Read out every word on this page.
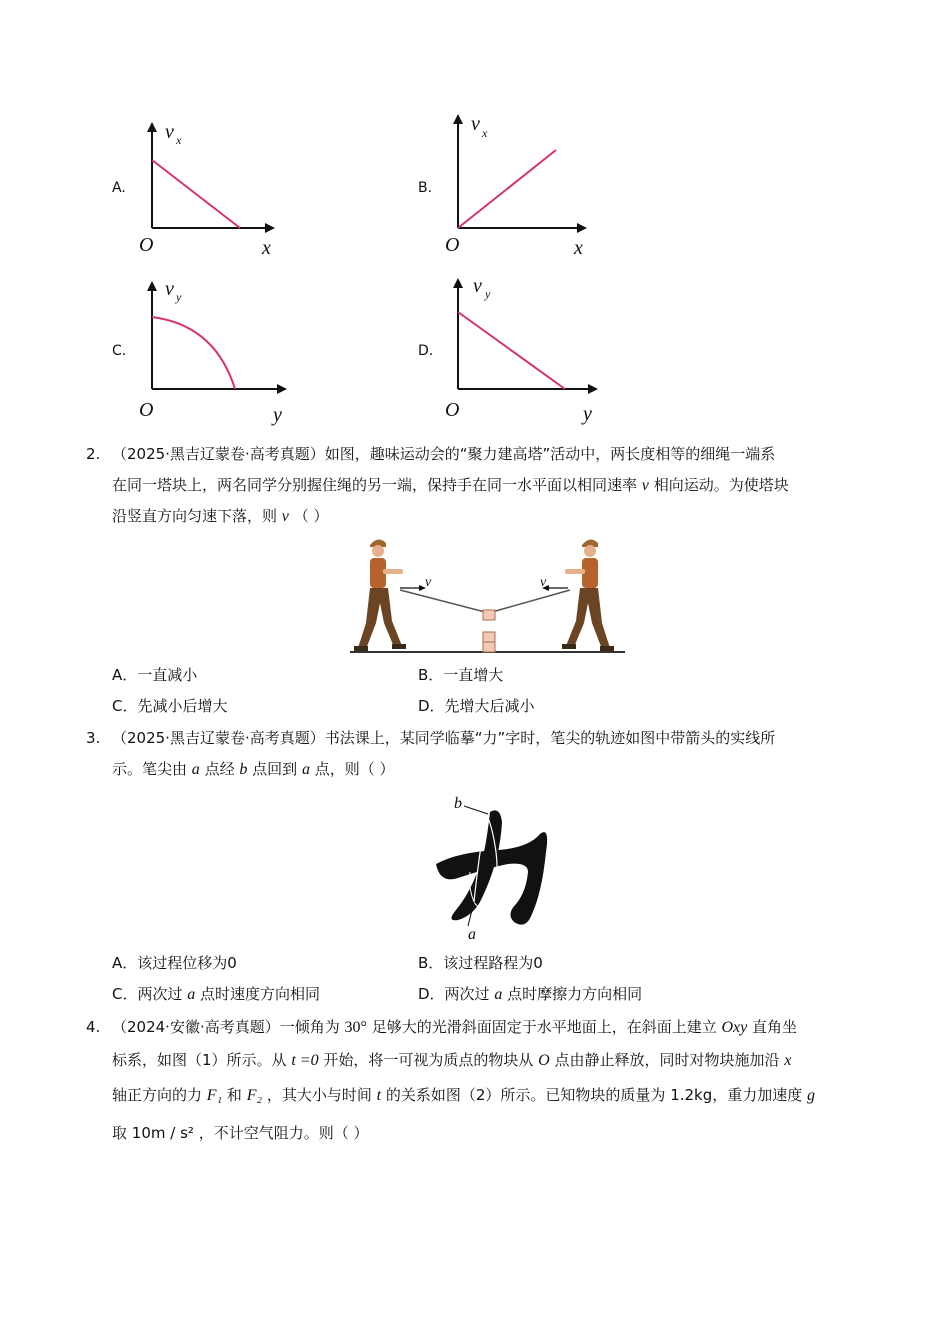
A.
v x
O	x
B.
v x
O	x
C.
v y
O	y
D.
v y
O	y
2. （2025·黑吉辽蒙卷·高考真题）如图，趣味运动会的“聚力建高塔”活动中，两长度相等的细绳一端系
在同一塔块上，两名同学分别握住绳的另一端，保持手在同一水平面以相同速率 v 相向运动。为使塔块
沿竖直方向匀速下落，则 v （ ）
v	v
A．一直减小	B．一直增大
C．先减小后增大	D．先增大后减小
3. （2025·黑吉辽蒙卷·高考真题）书法课上，某同学临摹“力”字时，笔尖的轨迹如图中带箭头的实线所
示。笔尖由 a 点经 b 点回到 a 点，则（ ）
b
a
A．该过程位移为0	B．该过程路程为0
C．两次过 a 点时速度方向相同	D．两次过 a 点时摩擦力方向相同
4. （2024·安徽·高考真题）一倾角为 30° 足够大的光滑斜面固定于水平地面上，在斜面上建立 Oxy 直角坐
标系，如图（1）所示。从 t =0 开始，将一可视为质点的物块从 O 点由静止释放，同时对物块施加沿 x
轴正方向的力 F₁ 和 F₂ ，其大小与时间 t 的关系如图（2）所示。已知物块的质量为 1.2kg，重力加速度 g
取 10m / s² ，不计空气阻力。则（ ）
